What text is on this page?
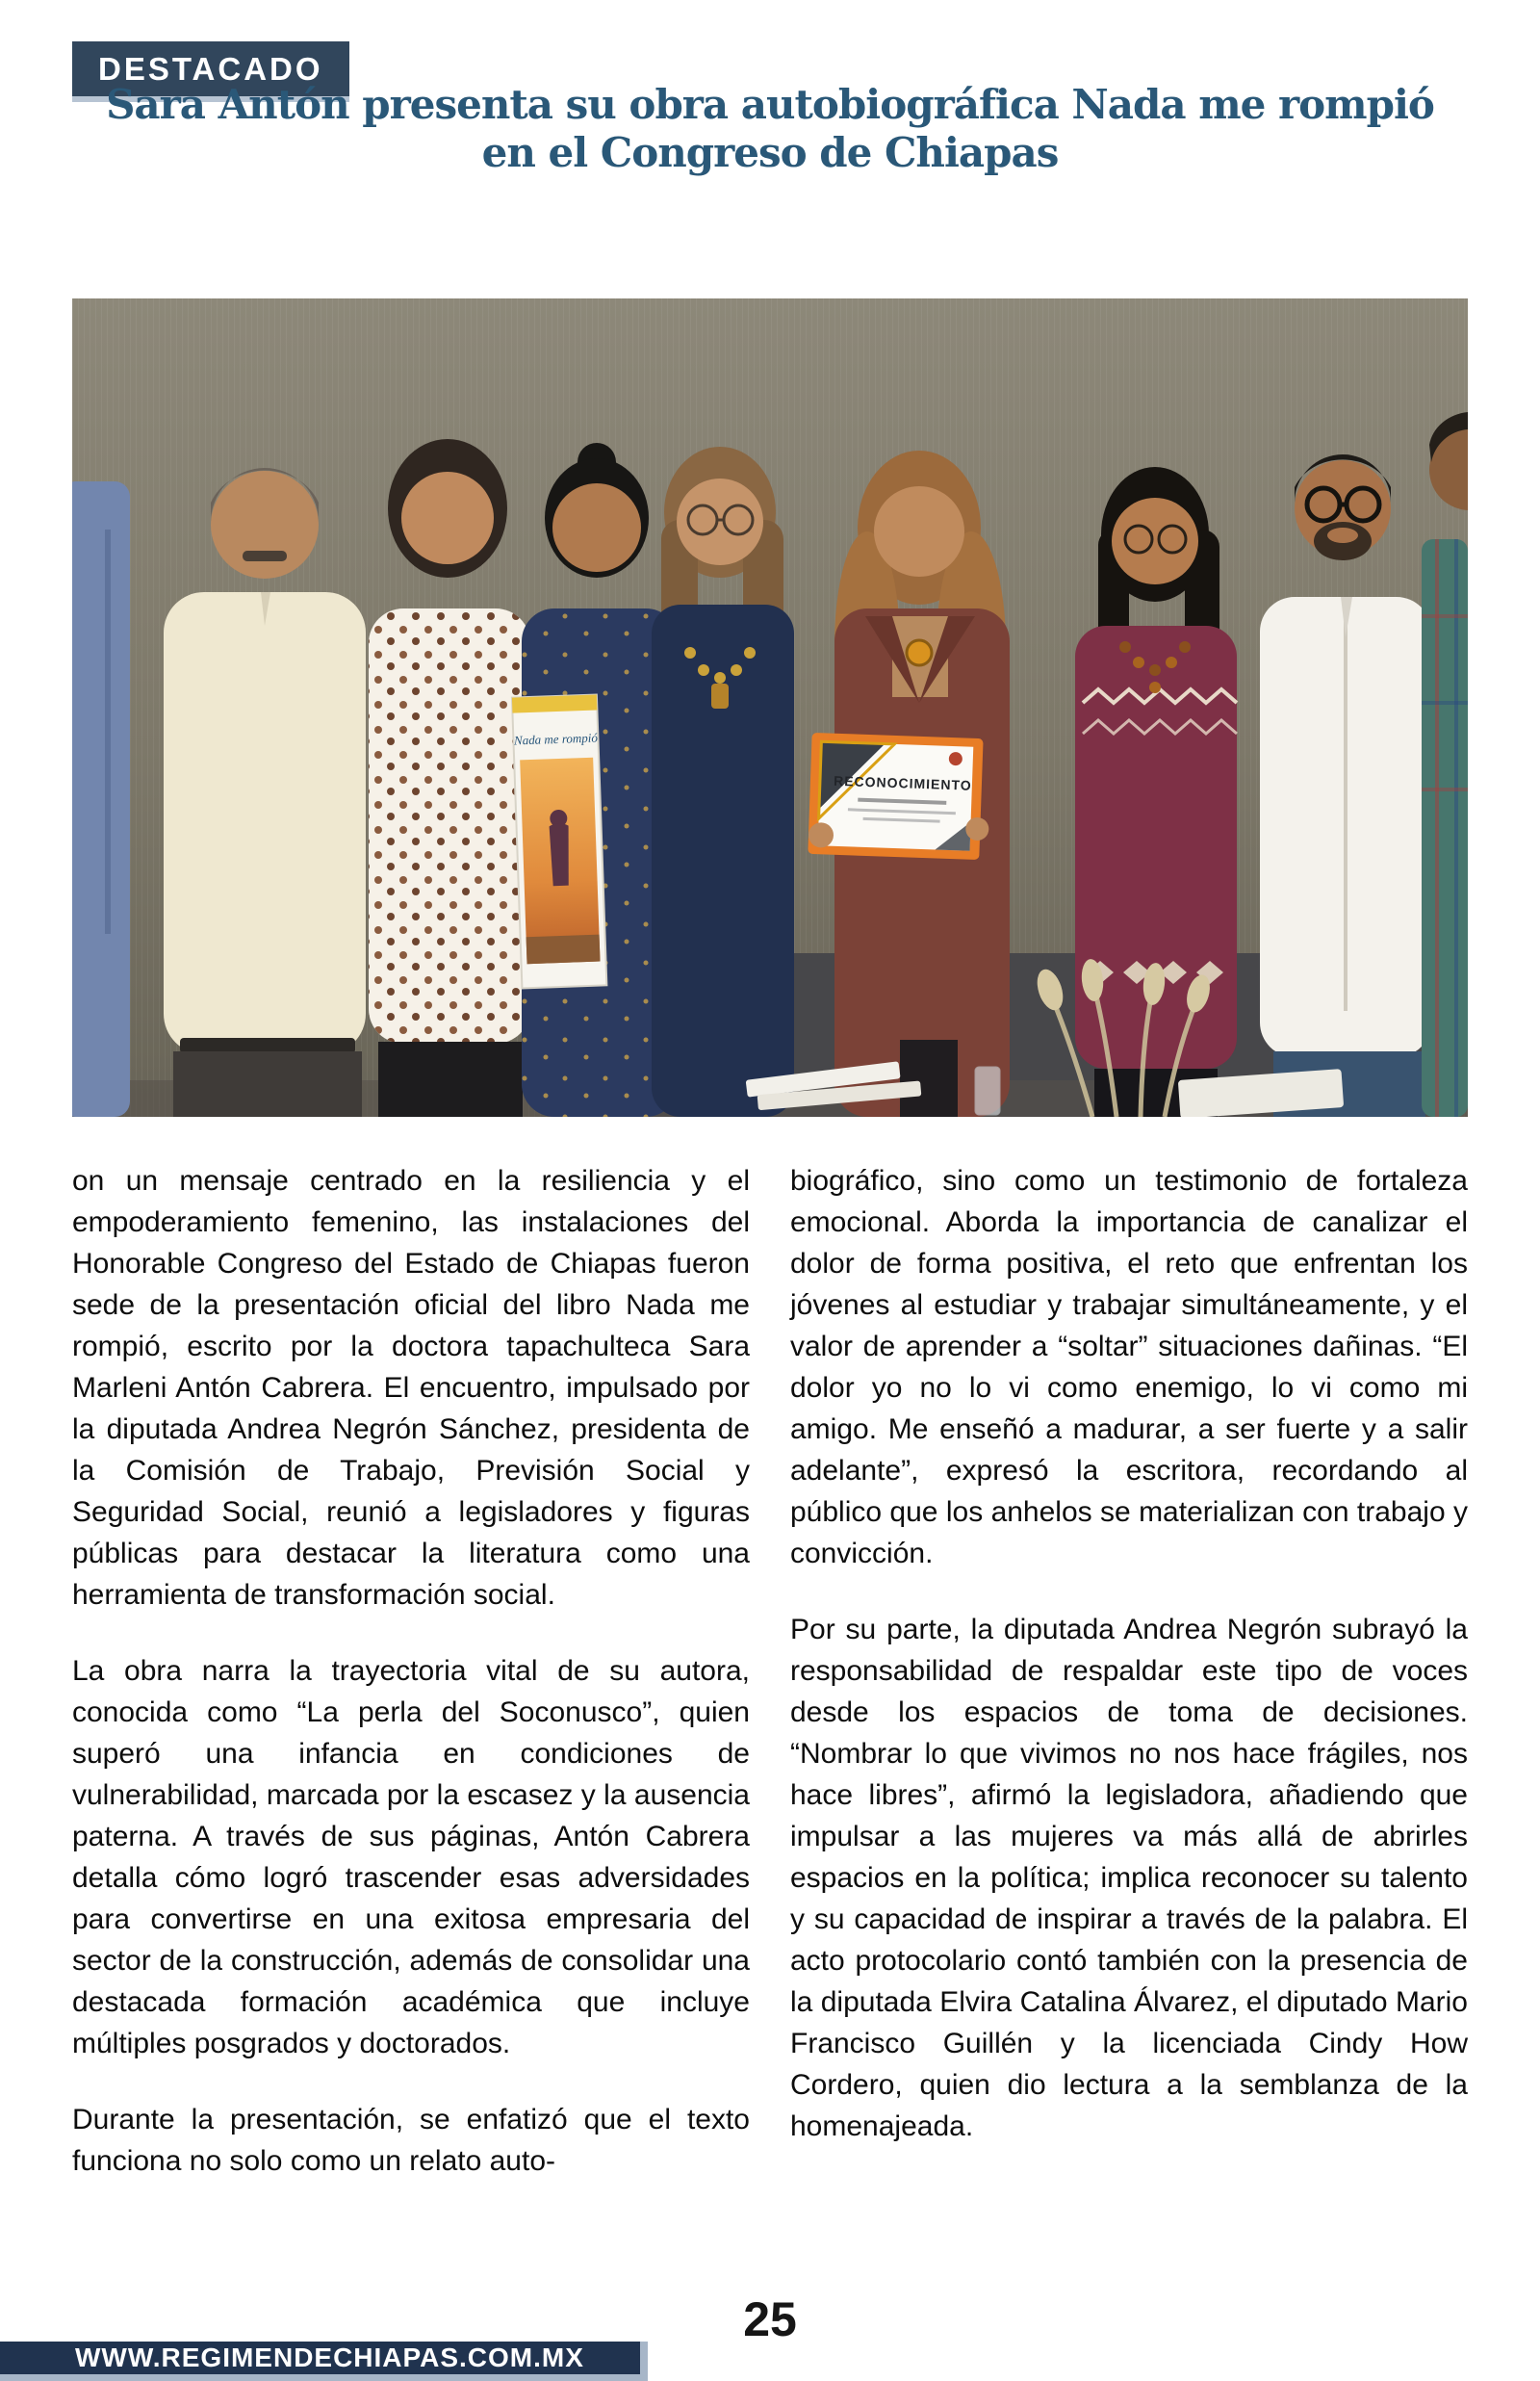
DESTACADO
Sara Antón presenta su obra autobiográfica Nada me rompió
en el Congreso de Chiapas
Nada me rompió
RECONOCIMIENTO

on un mensaje centrado en la resiliencia y el empoderamiento femenino, las instalaciones del Honorable Congreso del Estado de Chiapas fueron sede de la presentación oficial del libro Nada me rompió, escrito por la doctora tapachulteca Sara Marleni Antón Cabrera. El encuentro, impulsado por la diputada Andrea Negrón Sánchez, presidenta de la Comisión de Trabajo, Previsión Social y Seguridad Social, reunió a legisladores y figuras públicas para destacar la literatura como una herramienta de transformación social.

La obra narra la trayectoria vital de su autora, conocida como “La perla del Soconusco”, quien superó una infancia en condiciones de vulnerabilidad, marcada por la escasez y la ausencia paterna. A través de sus páginas, Antón Cabrera detalla cómo logró trascender esas adversidades para convertirse en una exitosa empresaria del sector de la construcción, además de consolidar una destacada formación académica que incluye múltiples posgrados y doctorados.

Durante la presentación, se enfatizó que el texto funciona no solo como un relato auto-

biográfico, sino como un testimonio de fortaleza emocional. Aborda la importancia de canalizar el dolor de forma positiva, el reto que enfrentan los jóvenes al estudiar y trabajar simultáneamente, y el valor de aprender a “soltar” situaciones dañinas. “El dolor yo no lo vi como enemigo, lo vi como mi amigo. Me enseñó a madurar, a ser fuerte y a salir adelante”, expresó la escritora, recordando al público que los anhelos se materializan con trabajo y convicción.

Por su parte, la diputada Andrea Negrón subrayó la responsabilidad de respaldar este tipo de voces desde los espacios de toma de decisiones. “Nombrar lo que vivimos no nos hace frágiles, nos hace libres”, afirmó la legisladora, añadiendo que impulsar a las mujeres va más allá de abrirles espacios en la política; implica reconocer su talento y su capacidad de inspirar a través de la palabra. El acto protocolario contó también con la presencia de la diputada Elvira Catalina Álvarez, el diputado Mario Francisco Guillén y la licenciada Cindy How Cordero, quien dio lectura a la semblanza de la homenajeada.

25
WWW.REGIMENDECHIAPAS.COM.MX
